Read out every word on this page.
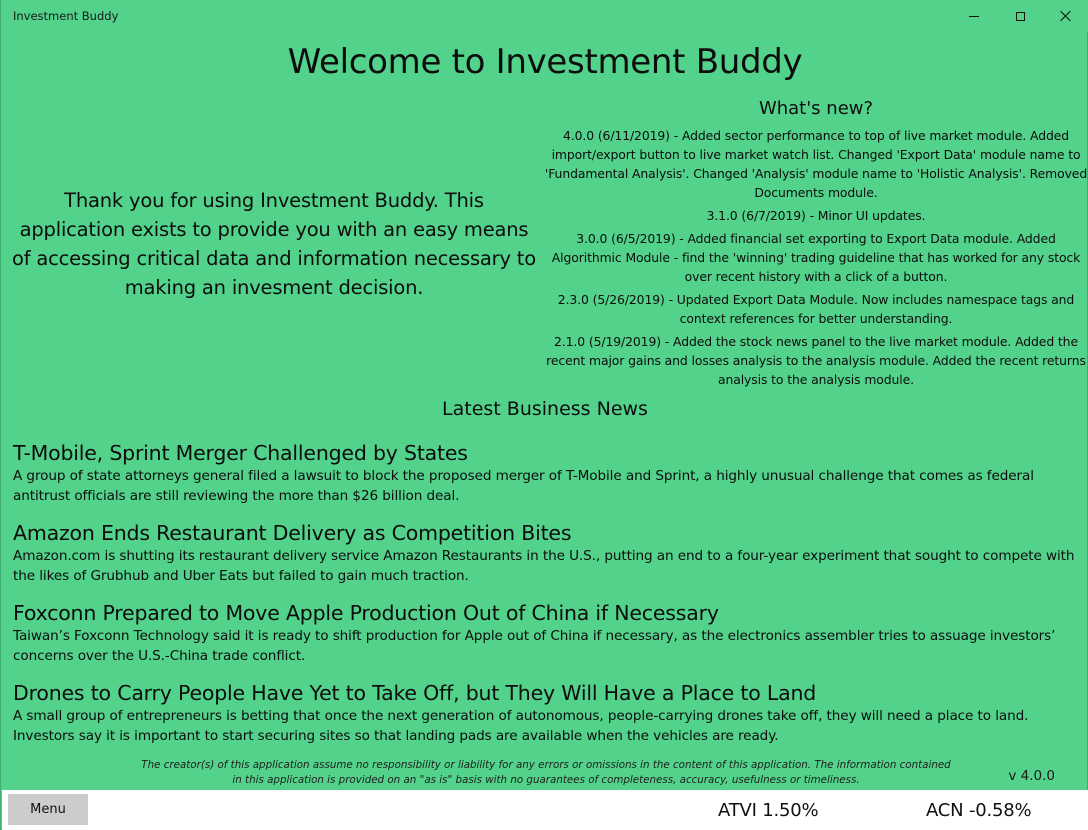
Investment Buddy
Welcome to Investment Buddy
Thank you for using Investment Buddy. This application exists to provide you with an easy means of accessing critical data and information necessary to making an invesment decision.
What's new?
4.0.0 (6/11/2019) - Added sector performance to top of live market module. Added import/export button to live market watch list. Changed 'Export Data' module name to 'Fundamental Analysis'. Changed 'Analysis' module name to 'Holistic Analysis'. Removed Documents module.
3.1.0 (6/7/2019) - Minor UI updates.
3.0.0 (6/5/2019) - Added financial set exporting to Export Data module. Added Algorithmic Module - find the 'winning' trading guideline that has worked for any stock over recent history with a click of a button.
2.3.0 (5/26/2019) - Updated Export Data Module. Now includes namespace tags and context references for better understanding.
2.1.0 (5/19/2019) - Added the stock news panel to the live market module. Added the recent major gains and losses analysis to the analysis module. Added the recent returns analysis to the analysis module.
Latest Business News
T-Mobile, Sprint Merger Challenged by States
A group of state attorneys general filed a lawsuit to block the proposed merger of T-Mobile and Sprint, a highly unusual challenge that comes as federal antitrust officials are still reviewing the more than $26 billion deal.
Amazon Ends Restaurant Delivery as Competition Bites
Amazon.com is shutting its restaurant delivery service Amazon Restaurants in the U.S., putting an end to a four-year experiment that sought to compete with the likes of Grubhub and Uber Eats but failed to gain much traction.
Foxconn Prepared to Move Apple Production Out of China if Necessary
Taiwan’s Foxconn Technology said it is ready to shift production for Apple out of China if necessary, as the electronics assembler tries to assuage investors’ concerns over the U.S.-China trade conflict.
Drones to Carry People Have Yet to Take Off, but They Will Have a Place to Land
A small group of entrepreneurs is betting that once the next generation of autonomous, people-carrying drones take off, they will need a place to land. Investors say it is important to start securing sites so that landing pads are available when the vehicles are ready.
The creator(s) of this application assume no responsibility or liability for any errors or omissions in the content of this application. The information contained in this application is provided on an "as is" basis with no guarantees of completeness, accuracy, usefulness or timeliness.	v 4.0.0
Menu	ATVI 1.50%	ACN -0.58%
